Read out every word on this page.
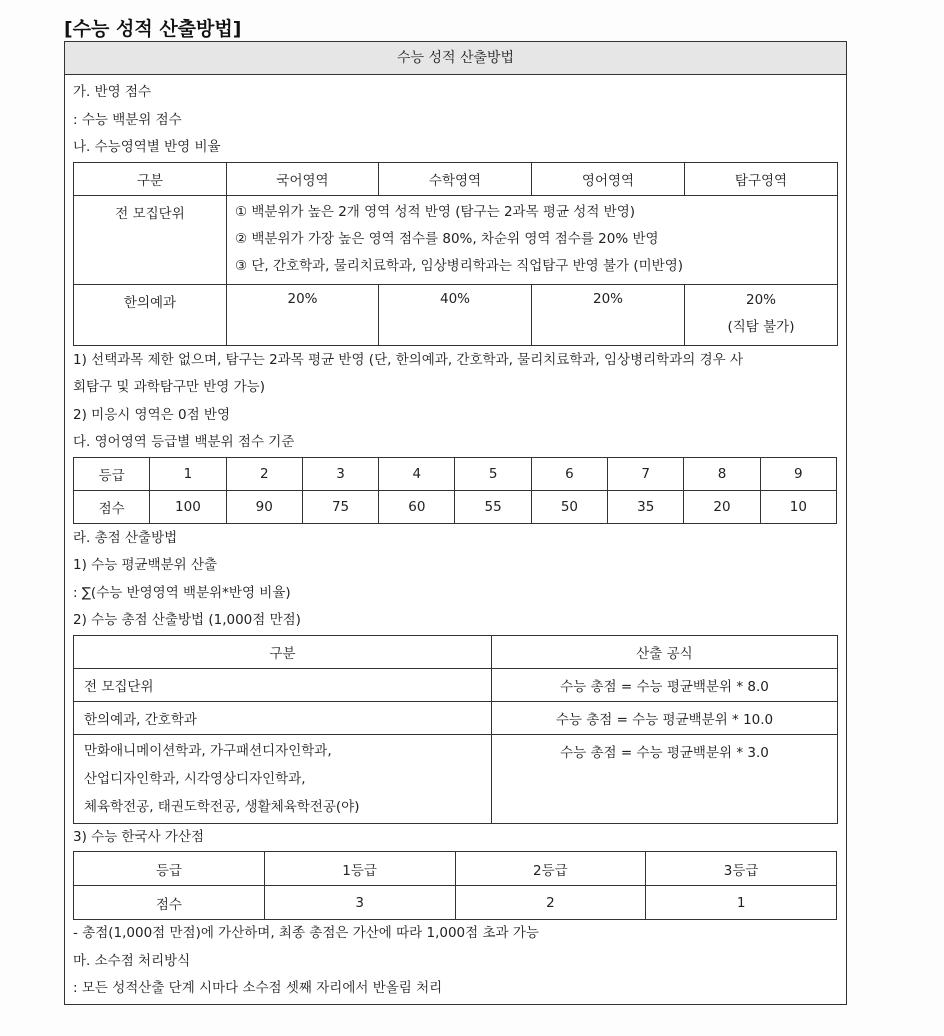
[수능 성적 산출방법]
수능 성적 산출방법
가. 반영 점수
: 수능 백분위 점수
나. 수능영역별 반영 비율
구분	국어영역	수학영역	영어영역	탐구영역
전 모집단위	① 백분위가 높은 2개 영역 성적 반영 (탐구는 2과목 평균 성적 반영)
② 백분위가 가장 높은 영역 점수를 80%, 차순위 영역 점수를 20% 반영
③ 단, 간호학과, 물리치료학과, 임상병리학과는 직업탐구 반영 불가 (미반영)			

한의예과	20%	40%	20%	20%
(직탐 불가)
1) 선택과목 제한 없으며, 탐구는 2과목 평균 반영 (단, 한의예과, 간호학과, 물리치료학과, 임상병리학과의 경우 사
회탐구 및 과학탐구만 반영 가능)
2) 미응시 영역은 0점 반영
다. 영어영역 등급별 백분위 점수 기준
등급	1	2	3	4	5	6	7	8	9
점수	100	90	75	60	55	50	35	20	10
라. 총점 산출방법
1) 수능 평균백분위 산출
: ∑(수능 반영영역 백분위*반영 비율)
2) 수능 총점 산출방법 (1,000점 만점)
구분	산출 공식
전 모집단위	수능 총점 = 수능 평균백분위 * 8.0
한의예과, 간호학과	수능 총점 = 수능 평균백분위 * 10.0

만화애니메이션학과, 가구패션디자인학과,
산업디자인학과, 시각영상디자인학과,
체육학전공, 태권도학전공, 생활체육학전공(야)	수능 총점 = 수능 평균백분위 * 3.0
3) 수능 한국사 가산점
등급	1등급	2등급	3등급
점수	3	2	1
- 총점(1,000점 만점)에 가산하며, 최종 총점은 가산에 따라 1,000점 초과 가능
마. 소수점 처리방식
: 모든 성적산출 단계 시마다 소수점 셋째 자리에서 반올림 처리
